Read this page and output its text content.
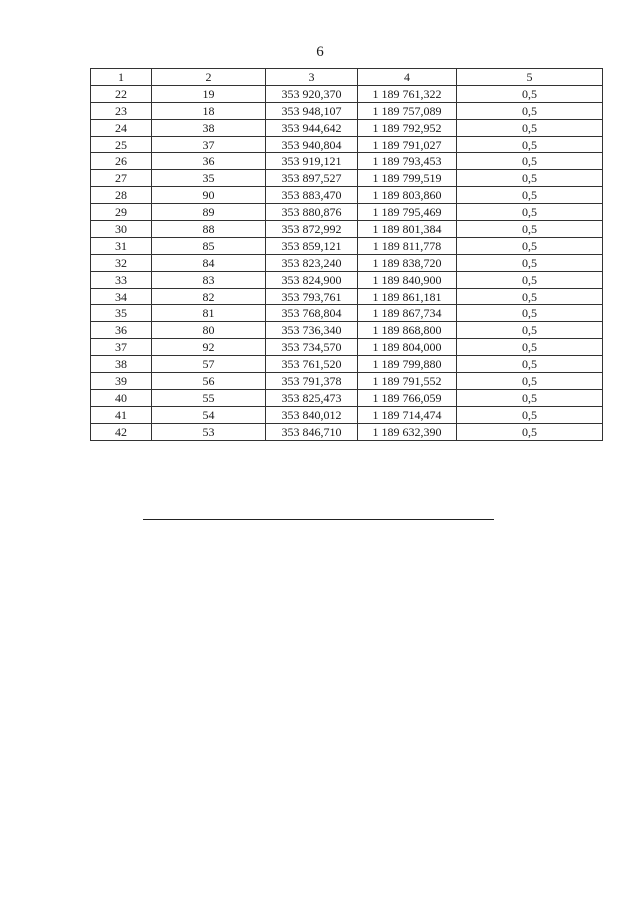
6
1	2	3	4	5
22	19	353 920,370	1 189 761,322	0,5
23	18	353 948,107	1 189 757,089	0,5
24	38	353 944,642	1 189 792,952	0,5
25	37	353 940,804	1 189 791,027	0,5
26	36	353 919,121	1 189 793,453	0,5
27	35	353 897,527	1 189 799,519	0,5
28	90	353 883,470	1 189 803,860	0,5
29	89	353 880,876	1 189 795,469	0,5
30	88	353 872,992	1 189 801,384	0,5
31	85	353 859,121	1 189 811,778	0,5
32	84	353 823,240	1 189 838,720	0,5
33	83	353 824,900	1 189 840,900	0,5
34	82	353 793,761	1 189 861,181	0,5
35	81	353 768,804	1 189 867,734	0,5
36	80	353 736,340	1 189 868,800	0,5
37	92	353 734,570	1 189 804,000	0,5
38	57	353 761,520	1 189 799,880	0,5
39	56	353 791,378	1 189 791,552	0,5
40	55	353 825,473	1 189 766,059	0,5
41	54	353 840,012	1 189 714,474	0,5
42	53	353 846,710	1 189 632,390	0,5
